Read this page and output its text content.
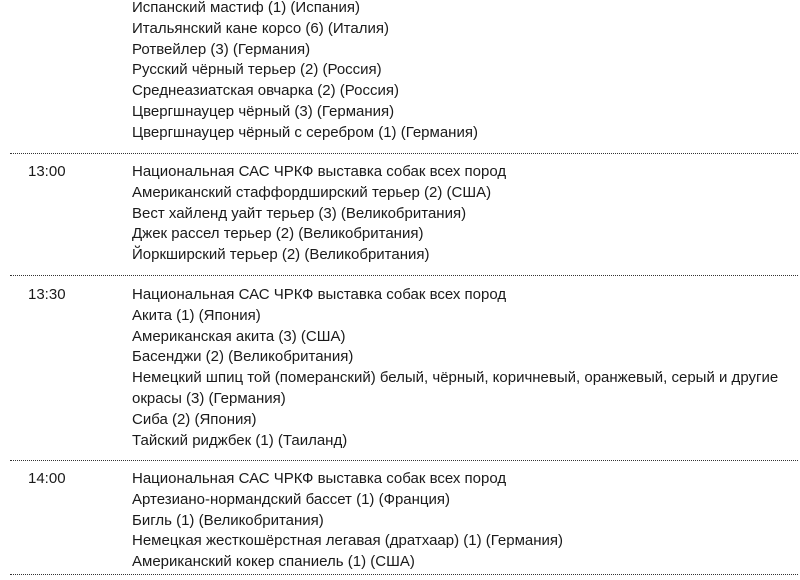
Испанский мастиф (1) (Испания)
Итальянский кане корсо (6) (Италия)
Ротвейлер (3) (Германия)
Русский чёрный терьер (2) (Россия)
Среднеазиатская овчарка (2) (Россия)
Цвергшнауцер чёрный (3) (Германия)
Цвергшнауцер чёрный с серебром (1) (Германия)
13:00	Национальная САС ЧРКФ выставка собак всех пород
Американский стаффордширский терьер (2) (США)
Вест хайленд уайт терьер (3) (Великобритания)
Джек рассел терьер (2) (Великобритания)
Йоркширский терьер (2) (Великобритания)
13:30	Национальная САС ЧРКФ выставка собак всех пород
Акита (1) (Япония)
Американская акита (3) (США)
Басенджи (2) (Великобритания)
Немецкий шпиц той (померанский) белый, чёрный, коричневый, оранжевый, серый и другие
окрасы (3) (Германия)
Сиба (2) (Япония)
Тайский риджбек (1) (Таиланд)
14:00	Национальная САС ЧРКФ выставка собак всех пород
Артезиано-нормандский бассет (1) (Франция)
Бигль (1) (Великобритания)
Немецкая жесткошёрстная легавая (дратхаар) (1) (Германия)
Американский кокер спаниель (1) (США)
